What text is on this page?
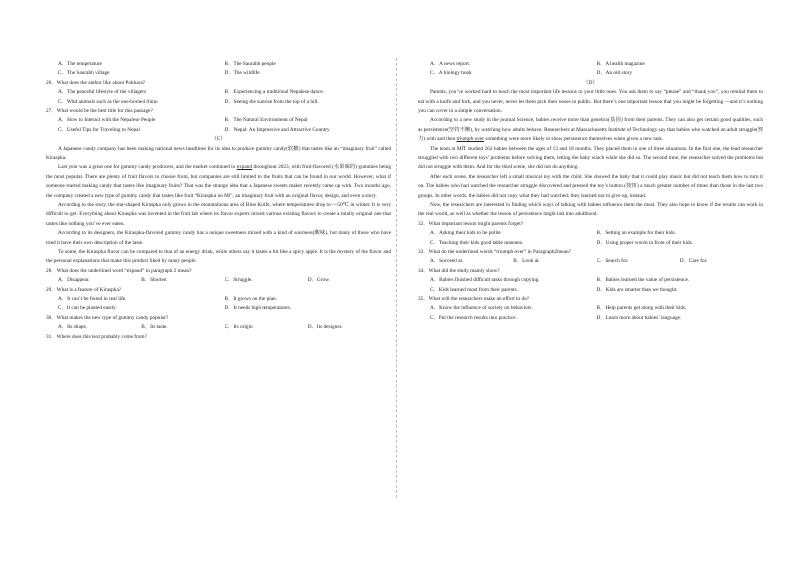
A．The temperature	B．The Saurabh people
C．The Saurabh village	D．The wildlife
26．What does the author like about Pokhara?
A．The peaceful lifestyle of the villagers	B．Experiencing a traditional Nepalese dance.
C．Wild animals such as the one-horned rhino	D．Seeing the sunrise from the top of a hill.
27．What would be the best title for this passage?
A．How to Interact with the Nepalese People	B．The Natural Environment of Nepal
C．Useful Tips for Traveling to Nepal	D．Nepal: An Impressive and Attractive Country
（C）

A Japanese candy company has been making national news headlines for its idea to produce gummy candy(软糖) that tastes like an “imaginary fruit” called Kiraspka.

Last year was a great one for gummy candy producers, and the market continued to expand throughout 2023, with fruit-flavored (水果味的) gummies being the most popular. There are plenty of fruit flavors to choose from, but companies are still limited to the fruits that can be found in our world. However, what if someone started making candy that tastes like imaginary fruits? That was the strange idea that a Japanese sweets maker recently came up with. Two months ago, the company created a new type of gummy candy that tastes like fruit “Kiraspka no Mi”, an imaginary fruit with an original flavor, design, and even a story.

According to the story, the star-shaped Kiraspka only grows in the mountainous area of Blue Knife, where temperatures drop to —50℃ in winter. It is very difficult to get. Everything about Kiraspka was invented in the fruit lab where its flavor experts mixed various existing flavors to create a totally original one that tastes like nothing you’ve ever eaten.

According to its designers, the Kiraspka-flavored gummy candy has a unique sweetness mixed with a kind of sourness(酸味), but many of those who have tried it have their own description of the taste.

To some, the Kiraspka flavor can be compared to that of an energy drink, while others say it tastes a bit like a spicy apple. It is the mystery of the flavor and the personal explanations that make this product liked by many people.

28．What does the underlined word “expand” in paragraph 2 mean?
A．Disappear.	B．Shorten	C．Struggle.	D．Grow.
29．What is a feature of Kiraspka?
A．It can’t be found in real life.	B．It grows on the plan.
C．It can be planted easily.	D．It needs high temperatures.
30．What makes the new type of gummy candy popular?
A．Its shape.	B．Its taste.	C．Its origin	D．Its designer.
31．Where does this text probably come from?
A．A news report.	B．A health magazine
C．A biology book	D．An old story
（D）

Parents, you’ve worked hard to teach the most important life lessons to your little ones. You ask them to say “please” and “thank you”, you remind them to eat with a knife and fork, and you never, never let them pick their noses in public. But there’s one important lesson that you might be forgetting —and it’s nothing you can cover in a simple conversation.

According to a new study in the journal Science, babies receive more than genetics(基因) from their parents. They can also get certain good qualities, such as persistence(坚持不懈), by watching how adults behave. Researchers at Massachusetts Institute of Technology say that babies who watched an adult struggle(努力) with and then triumph over something were more likely to show persistence themselves when given a new task.

The team at MIT studied 262 babies between the ages of 13 and 18 months. They placed them in one of three situations. In the first one, the lead researcher struggled with two different toys’ problems before solving them, letting the baby watch while she did so. The second time, the researcher solved the problems but did not struggle with them. And for the third scene, she did not do anything.

After each scene, the researcher left a small musical toy with the child. She showed the baby that it could play music but did not teach them how to turn it on. The babies who had watched the researcher struggle discovered and pressed the toy’s button (按钮) a much greater number of times than those in the last two groups. In other words, the babies did not copy what they had watched; they learned not to give up, instead.

Now, the researchers are interested in finding which ways of talking with babies influence them the most. They also hope to know if the results can work in the real world, as well as whether the lesson of persistence might last into adulthood.

32．What important lesson might parents forget?
A．Asking their kids to be polite	B．Setting an example for their kids.
C．Teaching their kids good table manners.	D．Using proper words in front of their kids.
33．What do the underlined words “triumph over” in Paragraph2mean?
A．Succeed at.	B．Look at.	C．Search for.	D．Care for.
34．What did the study mainly show?
A．Babies finished difficult tasks through copying.	B．Babies learned the value of persistence.
C．Kids learned most from their parents.	D．Kids are smarter than we thought.
35．What will the researchers make an effort to do?
A．Know the influence of society on behaviors.	B．Help parents get along with their kids.
C．Put the research results into practice.	D．Learn more about babies’ language.
